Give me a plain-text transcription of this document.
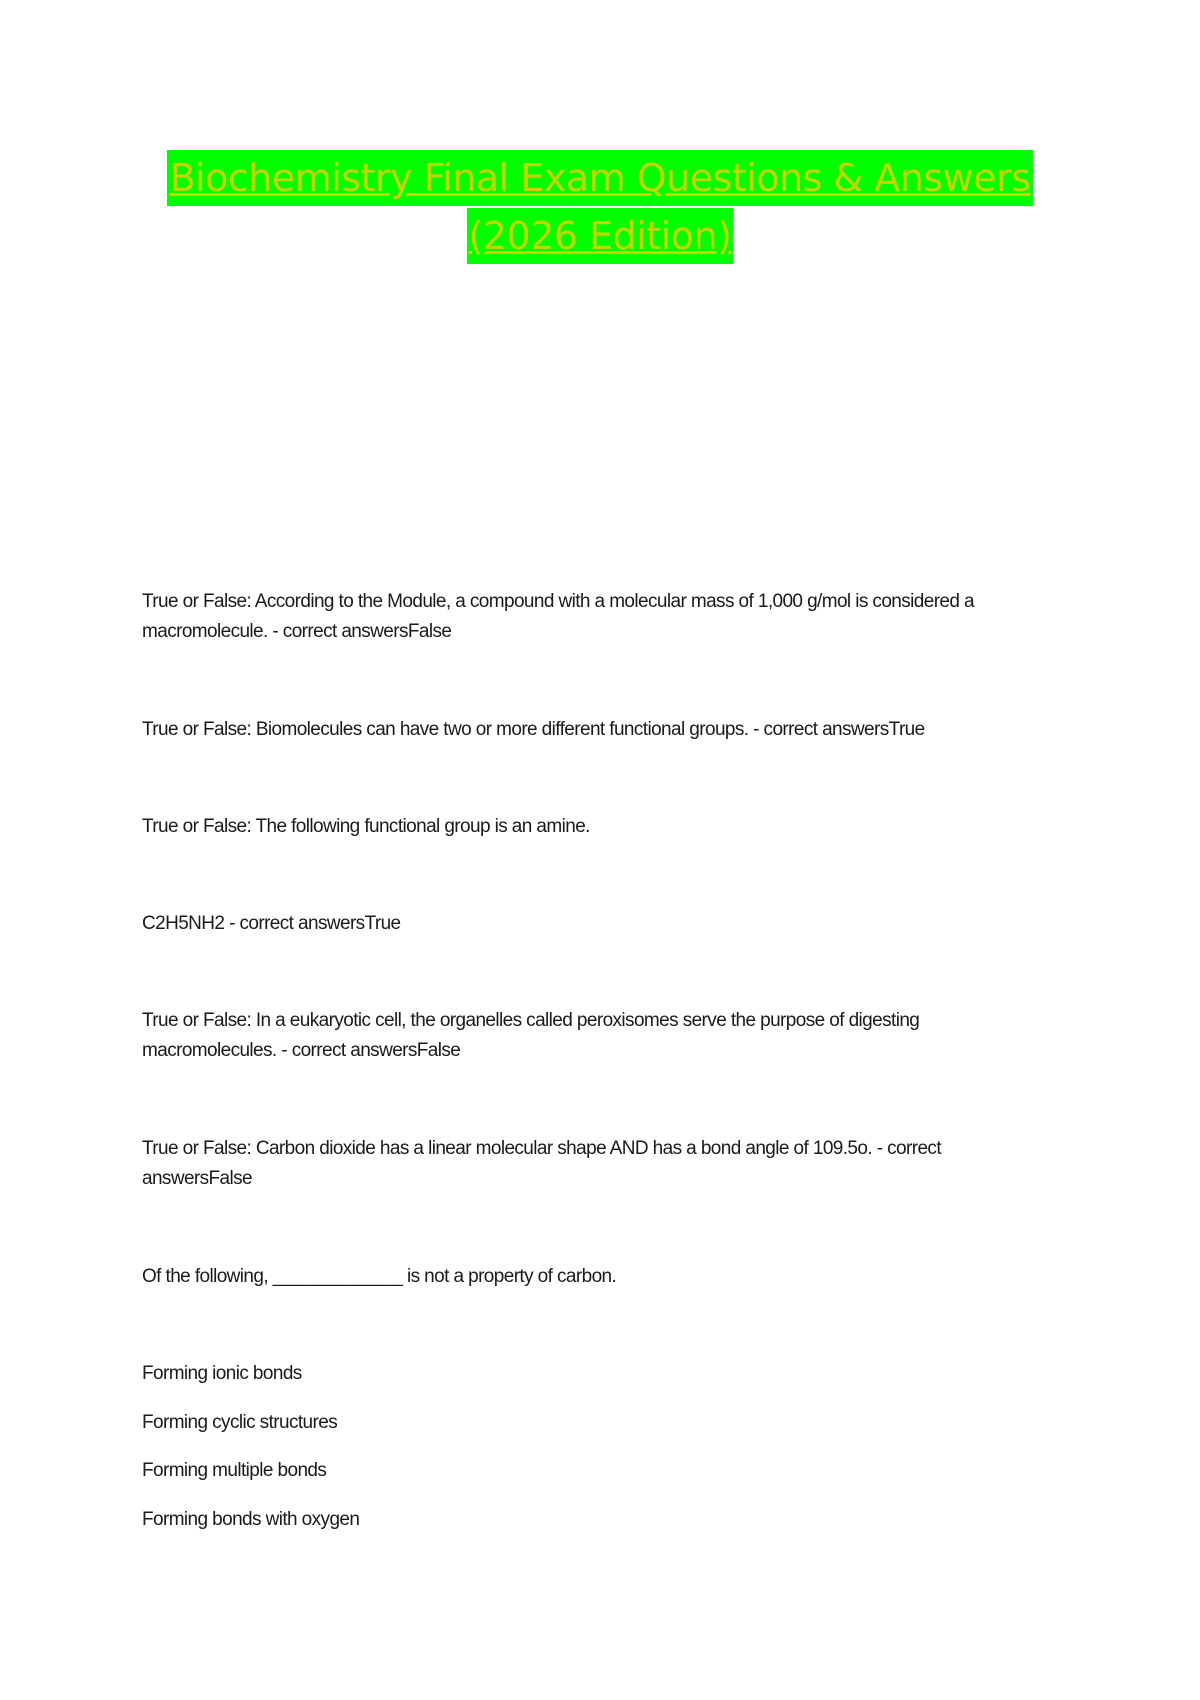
Biochemistry Final Exam Questions & Answers
(2026 Edition)

True or False: According to the Module, a compound with a molecular mass of 1,000 g/mol is considered a macromolecule. - correct answersFalse

True or False: Biomolecules can have two or more different functional groups. - correct answersTrue

True or False: The following functional group is an amine.

C2H5NH2 - correct answersTrue

True or False: In a eukaryotic cell, the organelles called peroxisomes serve the purpose of digesting macromolecules. - correct answersFalse

True or False: Carbon dioxide has a linear molecular shape AND has a bond angle of 109.5o. - correct answersFalse

Of the following, _____________ is not a property of carbon.

Forming ionic bonds

Forming cyclic structures

Forming multiple bonds

Forming bonds with oxygen
